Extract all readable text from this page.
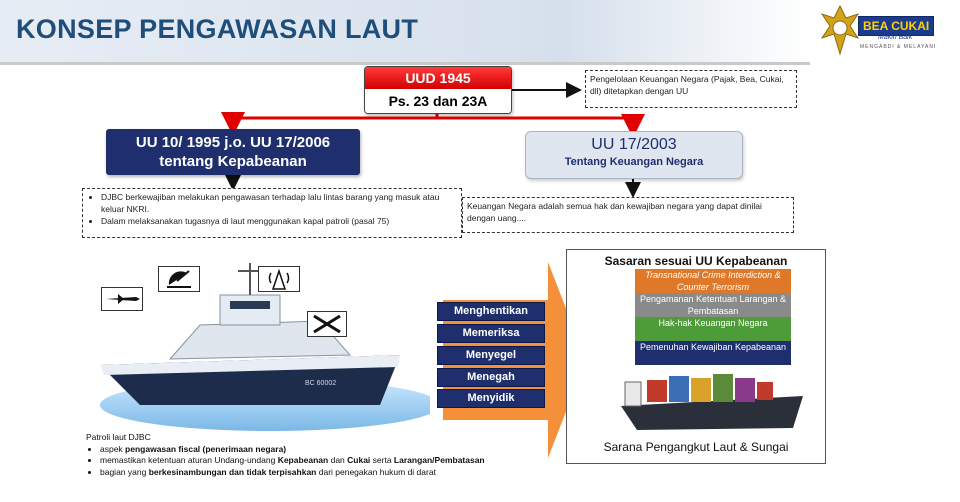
KONSEP PENGAWASAN LAUT	BEA CUKAI
Makin Baik
MENGABDI & MELAYANI
UUD 1945
Ps. 23 dan 23A
Pengelolaan Keuangan Negara (Pajak, Bea, Cukai, dll) ditetapkan dengan UU
UU 10/ 1995 j.o. UU 17/2006
tentang Kepabeanan
• DJBC berkewajiban melakukan pengawasan terhadap lalu lintas barang yang masuk atau keluar NKRI.
• Dalam melaksanakan tugasnya di laut menggunakan kapal patroli (pasal 75)
UU 17/2003
Tentang Keuangan Negara
Keuangan Negara adalah semua hak dan kewajiban negara yang dapat dinilai dengan uang....
BC 60002
Menghentikan
Memeriksa
Menyegel
Menegah
Menyidik
Sasaran sesuai UU Kepabeanan
Transnational Crime Interdiction & Counter Terrorism
Pengamanan Ketentuan Larangan & Pembatasan
Hak-hak Keuangan Negara
Pemenuhan Kewajiban Kepabeanan
Sarana Pengangkut Laut & Sungai
Patroli laut DJBC
• aspek pengawasan fiscal (penerimaan negara)
• memastikan ketentuan aturan Undang-undang Kepabeanan dan Cukai serta Larangan/Pembatasan
• bagian yang berkesinambungan dan tidak terpisahkan dari penegakan hukum di darat
